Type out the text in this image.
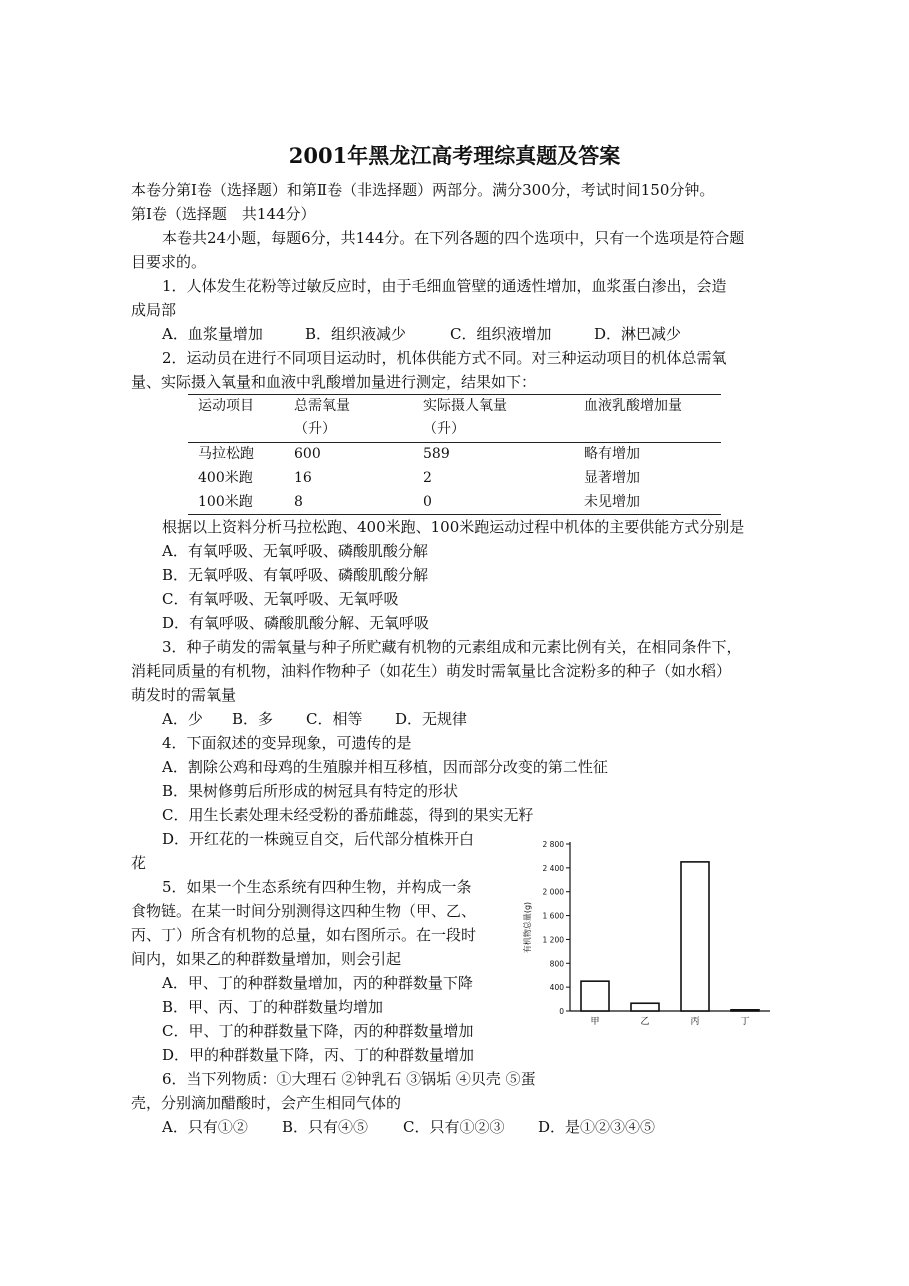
2001年黑龙江高考理综真题及答案
本卷分第Ⅰ卷（选择题）和第Ⅱ卷（非选择题）两部分。满分300分，考试时间150分钟。
第Ⅰ卷（选择题　共144分）
本卷共24小题，每题6分，共144分。在下列各题的四个选项中，只有一个选项是符合题
目要求的。
1．人体发生花粉等过敏反应时，由于毛细血管壁的通透性增加，血浆蛋白渗出，会造
成局部
A．血浆量增加	B．组织液减少	C．组织液增加	D．淋巴减少
2．运动员在进行不同项目运动时，机体供能方式不同。对三种运动项目的机体总需氧
量、实际摄入氧量和血液中乳酸增加量进行测定，结果如下：
运动项目	总需氧量	实际摄人氧量	血液乳酸增加量
（升）	（升）
马拉松跑	600	589	略有增加
400米跑	16	2	显著增加
100米跑	8	0	未见增加
根据以上资料分析马拉松跑、400米跑、100米跑运动过程中机体的主要供能方式分别是
A．有氧呼吸、无氧呼吸、磷酸肌酸分解
B．无氧呼吸、有氧呼吸、磷酸肌酸分解
C．有氧呼吸、无氧呼吸、无氧呼吸
D．有氧呼吸、磷酸肌酸分解、无氧呼吸
3．种子萌发的需氧量与种子所贮藏有机物的元素组成和元素比例有关，在相同条件下，
消耗同质量的有机物，油料作物种子（如花生）萌发时需氧量比含淀粉多的种子（如水稻）
萌发时的需氧量
A．少 B．多 C．相等 D．无规律
4．下面叙述的变异现象，可遗传的是
A．割除公鸡和母鸡的生殖腺并相互移植，因而部分改变的第二性征
B．果树修剪后所形成的树冠具有特定的形状
C．用生长素处理未经受粉的番茄雌蕊，得到的果实无籽
D．开红花的一株豌豆自交，后代部分植株开白
花
5．如果一个生态系统有四种生物，并构成一条
食物链。在某一时间分别测得这四种生物（甲、乙、
丙、丁）所含有机物的总量，如右图所示。在一段时
间内，如果乙的种群数量增加，则会引起
A．甲、丁的种群数量增加，丙的种群数量下降
B．甲、丙、丁的种群数量均增加
C．甲、丁的种群数量下降，丙的种群数量增加
D．甲的种群数量下降，丙、丁的种群数量增加
6．当下列物质：①大理石 ②钟乳石 ③锅垢 ④贝壳 ⑤蛋
壳，分别滴加醋酸时，会产生相同气体的
A．只有①② B．只有④⑤ C．只有①②③ D．是①②③④⑤
0
400
800
1 200
1 600
2 000
2 400
2 800
有机物总量(g)
甲	乙	丙	丁
